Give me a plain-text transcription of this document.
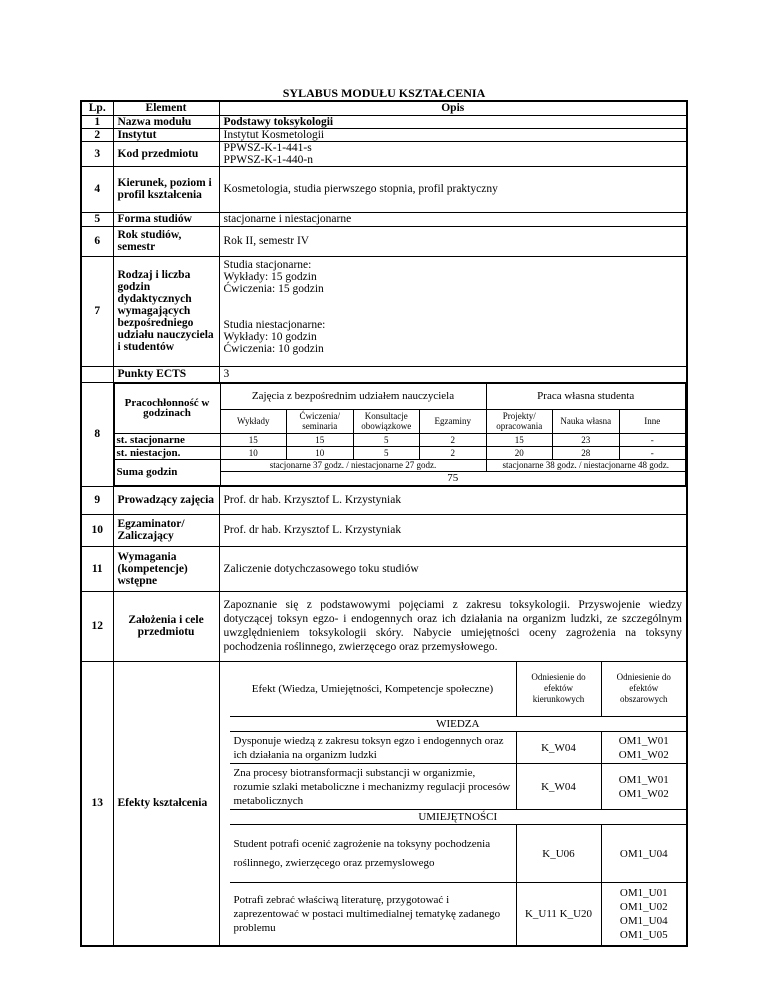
SYLABUS MODUŁU KSZTAŁCENIA
Lp.	Element	Opis
1	Nazwa modułu	Podstawy toksykologii
2	Instytut	Instytut Kosmetologii
3	Kod przedmiotu	PPWSZ-K-1-441-s
PPWSZ-K-1-440-n

4	Kierunek, poziom i profil kształcenia	Kosmetologia, studia pierwszego stopnia, profil praktyczny
5	Forma studiów	stacjonarne i niestacjonarne
6	Rok studiów, semestr	Rok II, semestr IV
7	Rodzaj i liczba godzin dydaktycznych wymagających bezpośredniego udziału nauczyciela i studentów	
Studia stacjonarne:
Wykłady: 15 godzin
Ćwiczenia: 15 godzin
Studia niestacjonarne:
Wykłady: 10 godzin
Ćwiczenia: 10 godzin

	Punkty ECTS	3
8	
Pracochłonność w godzinach	Zajęcia z bezpośrednim udziałem nauczyciela	Praca własna studenta
Wykłady	Ćwiczenia/ seminaria	Konsultacje obowiązkowe	Egzaminy	Projekty/ opracowania	Nauka własna	Inne
st. stacjonarne	15	15	5	2	15	23	-
st. niestacjon.	10	10	5	2	20	28	-
Suma godzin	stacjonarne 37 godz. / niestacjonarne 27 godz.	stacjonarne 38 godz. / niestacjonarne 48 godz.
75

9	Prowadzący zajęcia	Prof. dr hab. Krzysztof L. Krzystyniak
10	Egzaminator/ Zaliczający	Prof. dr hab. Krzysztof L. Krzystyniak
11	Wymagania (kompetencje) wstępne	Zaliczenie dotychczasowego toku studiów
12	Założenia i cele przedmiotu	Zapoznanie się z podstawowymi pojęciami z zakresu toksykologii. Przyswojenie wiedzy dotyczącej toksyn egzo- i endogennych oraz ich działania na organizm ludzki, ze szczególnym uwzględnieniem toksykologii skóry. Nabycie umiejętności oceny zagrożenia na toksyny pochodzenia roślinnego, zwierzęcego oraz przemysłowego.
13	Efekty kształcenia	
Efekt (Wiedza, Umiejętności, Kompetencje społeczne)	Odniesienie do efektów kierunkowych	Odniesienie do efektów obszarowych
WIEDZA
Dysponuje wiedzą z zakresu toksyn egzo i endogennych oraz ich działania na organizm ludzki	K_W04	OM1_W01 OM1_W02
Zna procesy biotransformacji substancji w organizmie, rozumie szlaki metaboliczne i mechanizmy regulacji procesów metabolicznych	K_W04	OM1_W01 OM1_W02
UMIEJĘTNOŚCI
Student potrafi ocenić zagrożenie na toksyny pochodzenia roślinnego, zwierzęcego oraz przemyslowego	K_U06	OM1_U04
Potrafi zebrać właściwą literaturę, przygotować i zaprezentować w postaci multimedialnej tematykę zadanego problemu	K_U11 K_U20	OM1_U01 OM1_U02 OM1_U04 OM1_U05
